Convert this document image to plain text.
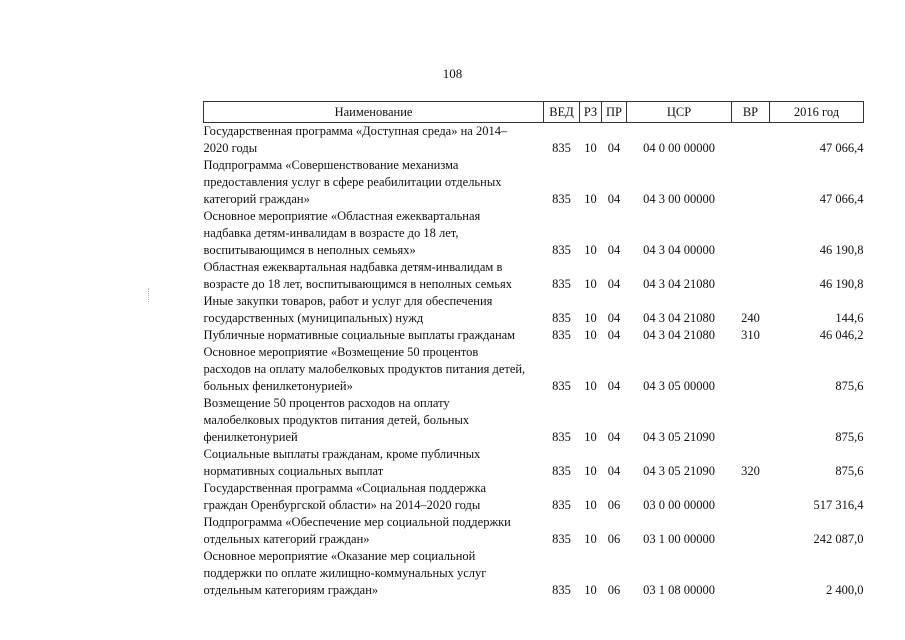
108
Наименование	ВЕД	РЗ	ПР	ЦСР	ВР	2016 год

Государственная программа «Доступная среда» на 2014–
2020 годы	835	10	04	04 0 00 00000		47 066,4

Подпрограмма «Совершенствование механизма
предоставления услуг в сфере реабилитации отдельных
категорий граждан»	835	10	04	04 3 00 00000		47 066,4

Основное мероприятие «Областная ежеквартальная
надбавка детям-инвалидам в возрасте до 18 лет,
воспитывающимся в неполных семьях»	835	10	04	04 3 04 00000		46 190,8

Областная ежеквартальная надбавка детям-инвалидам в
возрасте до 18 лет, воспитывающимся в неполных семьях	835	10	04	04 3 04 21080		46 190,8

Иные закупки товаров, работ и услуг для обеспечения
государственных (муниципальных) нужд	835	10	04	04 3 04 21080	240	144,6

Публичные нормативные социальные выплаты гражданам	835	10	04	04 3 04 21080	310	46 046,2

Основное мероприятие «Возмещение 50 процентов
расходов на оплату малобелковых продуктов питания детей,
больных фенилкетонурией»	835	10	04	04 3 05 00000		875,6

Возмещение 50 процентов расходов на оплату
малобелковых продуктов питания детей, больных
фенилкетонурией	835	10	04	04 3 05 21090		875,6

Социальные выплаты гражданам, кроме публичных
нормативных социальных выплат	835	10	04	04 3 05 21090	320	875,6

Государственная программа «Социальная поддержка
граждан Оренбургской области» на 2014–2020 годы	835	10	06	03 0 00 00000		517 316,4

Подпрограмма «Обеспечение мер социальной поддержки
отдельных категорий граждан»	835	10	06	03 1 00 00000		242 087,0

Основное мероприятие «Оказание мер социальной
поддержки по оплате жилищно-коммунальных услуг
отдельным категориям граждан»	835	10	06	03 1 08 00000		2 400,0
